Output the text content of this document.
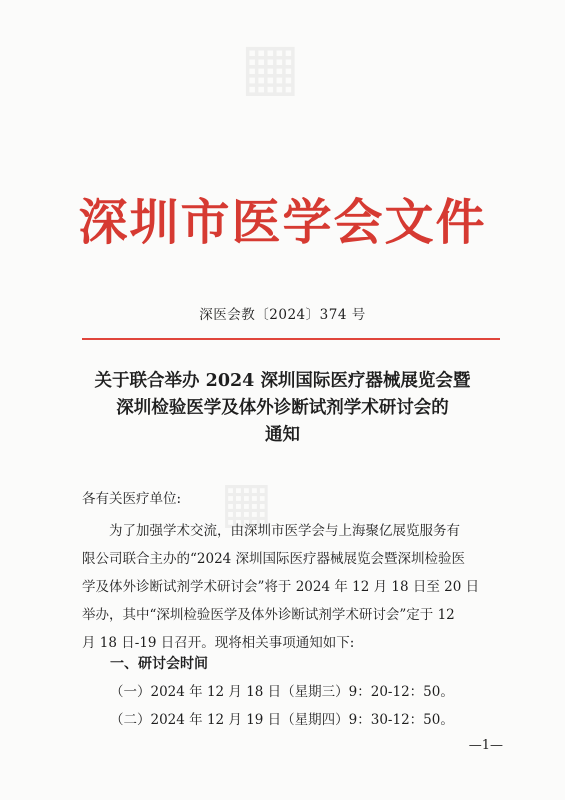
▦
▦
深圳市医学会文件
深医会教〔2024〕374 号
关于联合举办 2024 深圳国际医疗器械展览会暨
深圳检验医学及体外诊断试剂学术研讨会的
通知
各有关医疗单位:
为了加强学术交流，由深圳市医学会与上海聚亿展览服务有
限公司联合主办的“2024 深圳国际医疗器械展览会暨深圳检验医
学及体外诊断试剂学术研讨会”将于 2024 年 12 月 18 日至 20 日
举办，其中“深圳检验医学及体外诊断试剂学术研讨会”定于 12
月 18 日-19 日召开。现将相关事项通知如下:
一、研讨会时间
（一）2024 年 12 月 18 日（星期三）9：20-12：50。
（二）2024 年 12 月 19 日（星期四）9：30-12：50。
—1—
